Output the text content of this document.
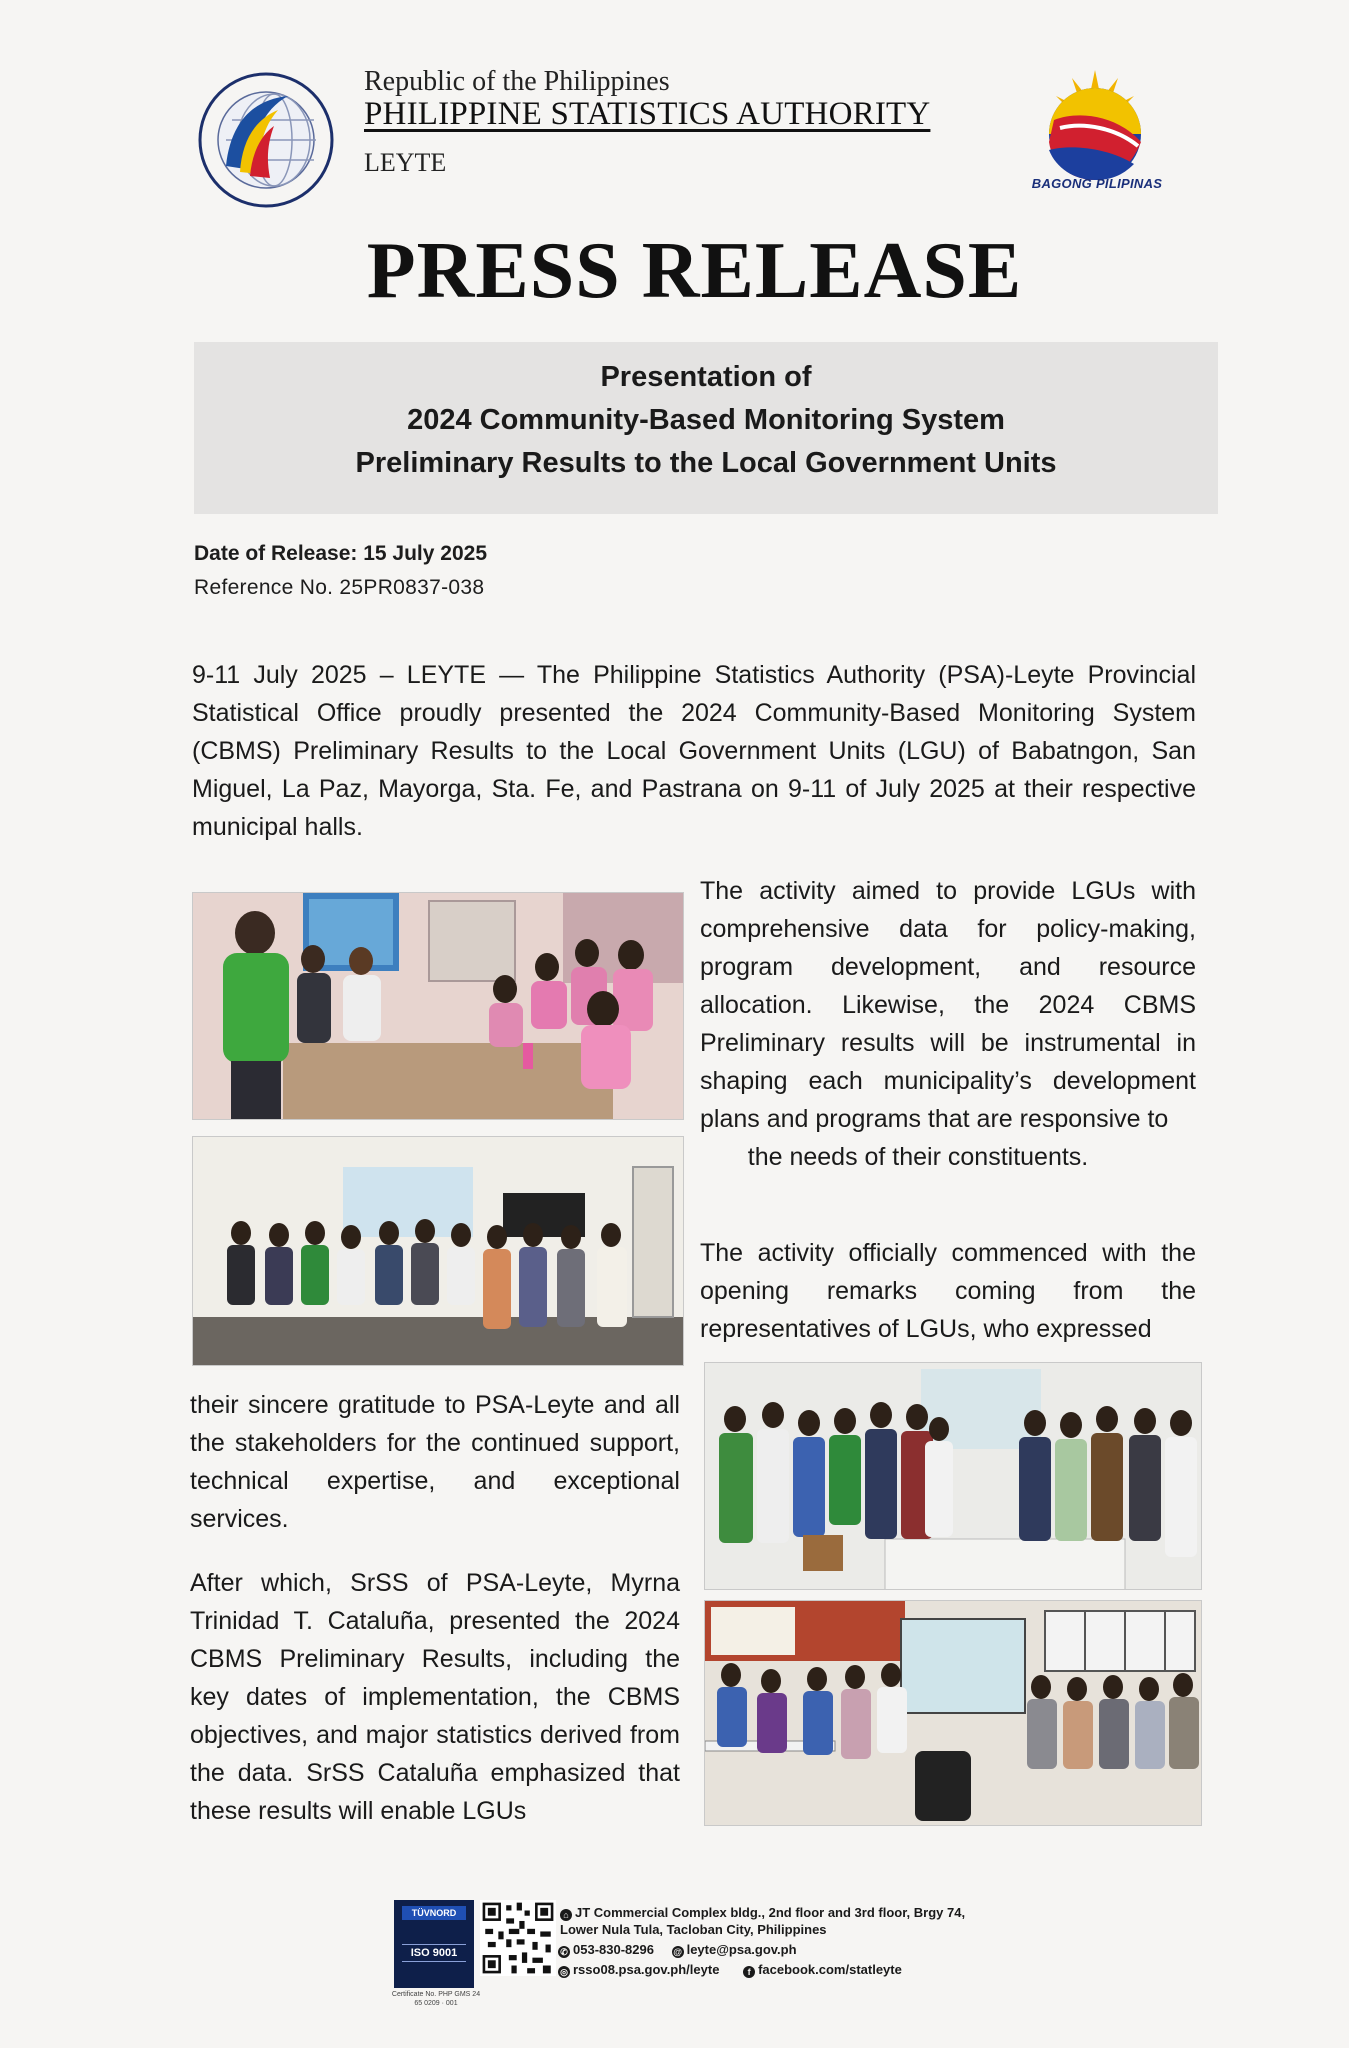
Republic of the Philippines
PHILIPPINE STATISTICS AUTHORITY
LEYTE
BAGONG PILIPINAS
PRESS RELEASE
Presentation of
2024 Community-Based Monitoring System
Preliminary Results to the Local Government Units
Date of Release: 15 July 2025
Reference No. 25PR0837-038

9-11 July 2025 – LEYTE — The Philippine Statistics Authority (PSA)-Leyte Provincial Statistical Office proudly presented the 2024 Community-Based Monitoring System (CBMS) Preliminary Results to the Local Government Units (LGU) of Babatngon, San Miguel, La Paz, Mayorga, Sta. Fe, and Pastrana on 9-11 of July 2025 at their respective municipal halls.

The activity aimed to provide LGUs with comprehensive data for policy-making, program development, and resource allocation. Likewise, the 2024 CBMS Preliminary results will be instrumental in shaping each municipality’s development plans and programs that are responsive to
the needs of their constituents.

The activity officially commenced with the opening remarks coming from the representatives of LGUs, who expressed

their sincere gratitude to PSA-Leyte and all the stakeholders for the continued support, technical expertise, and exceptional services.

After which, SrSS of PSA-Leyte, Myrna Trinidad T. Cataluña, presented the 2024 CBMS Preliminary Results, including the key dates of implementation, the CBMS objectives, and major statistics derived from the data. SrSS Cataluña emphasized that these results will enable LGUs

TÜVNORD
ISO 9001
Certificate No. PHP GMS 24 65 0209 · 001
⌂ JT Commercial Complex bldg., 2nd floor and 3rd floor, Brgy 74,
Lower Nula Tula, Tacloban City, Philippines
✆ 053-830-8296 @ leyte@psa.gov.ph
◎ rsso08.psa.gov.ph/leyte	f facebook.com/statleyte
